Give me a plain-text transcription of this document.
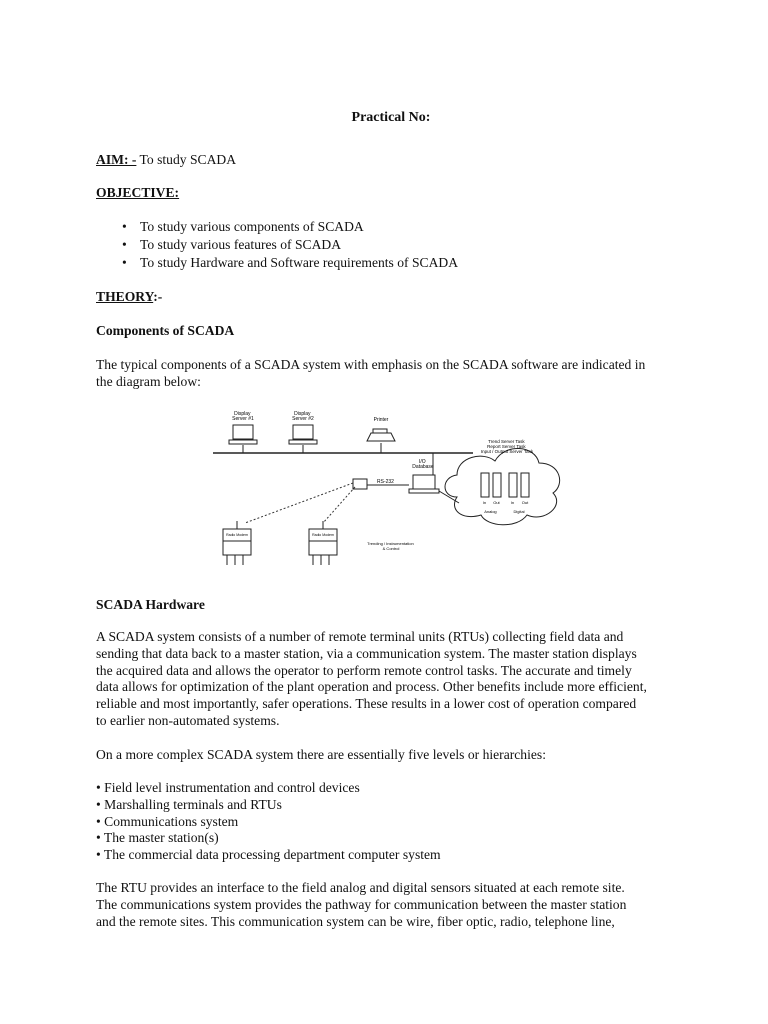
Practical No:
AIM: - To study SCADA
OBJECTIVE:
• To study various components of SCADA
• To study various features of SCADA
• To study Hardware and Software requirements of SCADA
THEORY:-
Components of SCADA
The typical components of a SCADA system with emphasis on the SCADA software are indicated in
the diagram below:
Display Server #1
Display Server #2	Printer
I/O Database
RS-232
Trend Server Task Report Server Task Input / Output Server Task
In Out	In Out
Analog	Digital
Radio Modem	Radio Modem
Trending / Instrumentation & Control
SCADA Hardware
A SCADA system consists of a number of remote terminal units (RTUs) collecting field data and
sending that data back to a master station, via a communication system. The master station displays
the acquired data and allows the operator to perform remote control tasks. The accurate and timely
data allows for optimization of the plant operation and process. Other benefits include more efficient,
reliable and most importantly, safer operations. These results in a lower cost of operation compared
to earlier non-automated systems.
On a more complex SCADA system there are essentially five levels or hierarchies:
• Field level instrumentation and control devices
• Marshalling terminals and RTUs
• Communications system
• The master station(s)
• The commercial data processing department computer system
The RTU provides an interface to the field analog and digital sensors situated at each remote site.
The communications system provides the pathway for communication between the master station
and the remote sites. This communication system can be wire, fiber optic, radio, telephone line,
